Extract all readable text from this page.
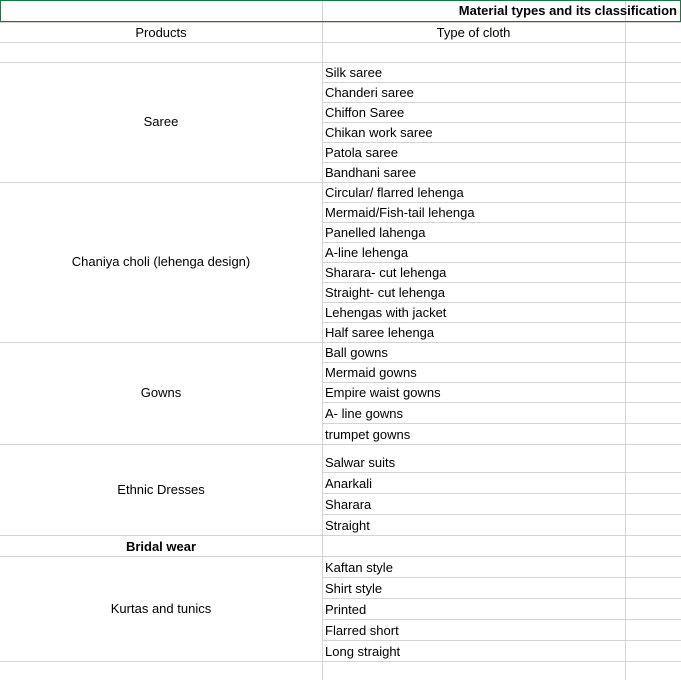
Material types and its classification
Products	Type of cloth
Saree
Silk saree
Chanderi saree
Chiffon Saree
Chikan work saree
Patola saree
Bandhani saree
Chaniya choli (lehenga design)
Circular/ flarred lehenga
Mermaid/Fish-tail lehenga
Panelled lahenga
A-line lehenga
Sharara- cut lehenga
Straight- cut lehenga
Lehengas with jacket
Half saree lehenga
Gowns
Ball gowns
Mermaid gowns
Empire waist gowns
A- line gowns
trumpet gowns
Ethnic Dresses
Salwar suits
Anarkali
Sharara
Straight
Bridal wear
Kurtas and tunics
Kaftan style
Shirt style
Printed
Flarred short
Long straight
